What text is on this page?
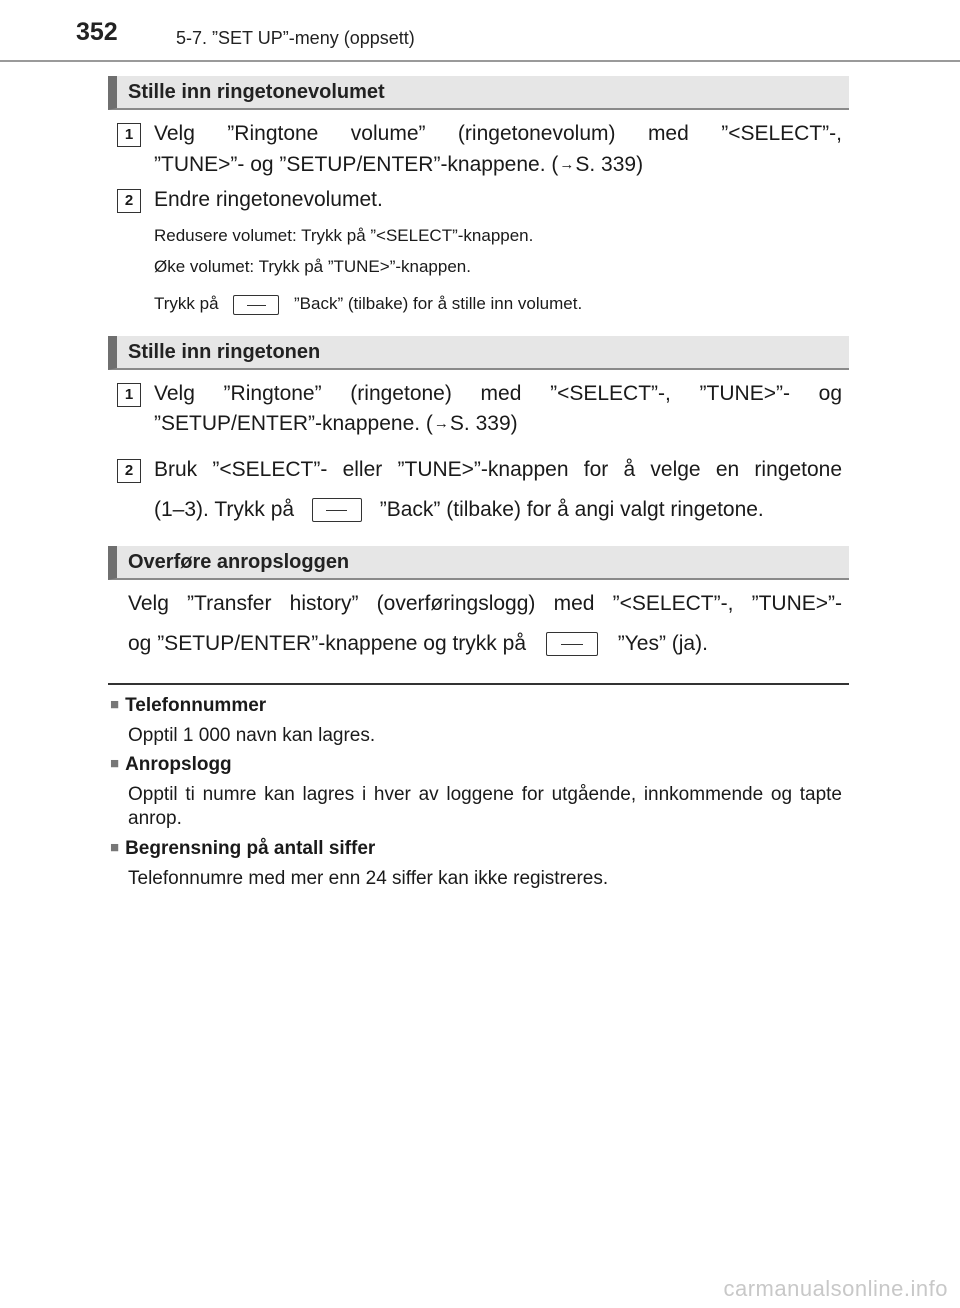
352	5-7. ”SET UP”-meny (oppsett)
Stille inn ringetonevolumet
1 Velg ”Ringtone volume” (ringetonevolum) med ”<SELECT”-,
”TUNE>”- og ”SETUP/ENTER”-knappene. (→S. 339)
2 Endre ringetonevolumet.
Redusere volumet: Trykk på ”<SELECT”-knappen.
Øke volumet: Trykk på ”TUNE>”-knappen.
Trykk på	”Back” (tilbake) for å stille inn volumet.
Stille inn ringetonen
1 Velg ”Ringtone” (ringetone) med ”<SELECT”-, ”TUNE>”- og
”SETUP/ENTER”-knappene. (→S. 339)
2 Bruk ”<SELECT”- eller ”TUNE>”-knappen for å velge en ringetone
(1–3). Trykk på	”Back” (tilbake) for å angi valgt ringetone.
Overføre anropsloggen
Velg ”Transfer history” (overføringslogg) med ”<SELECT”-, ”TUNE>”-
og ”SETUP/ENTER”-knappene og trykk på	”Yes” (ja).
■ Telefonnummer
Opptil 1 000 navn kan lagres.
■ Anropslogg
Opptil ti numre kan lagres i hver av loggene for utgående, innkommende og tapte anrop.
■ Begrensning på antall siffer
Telefonnumre med mer enn 24 siffer kan ikke registreres.
carmanualsonline.info
